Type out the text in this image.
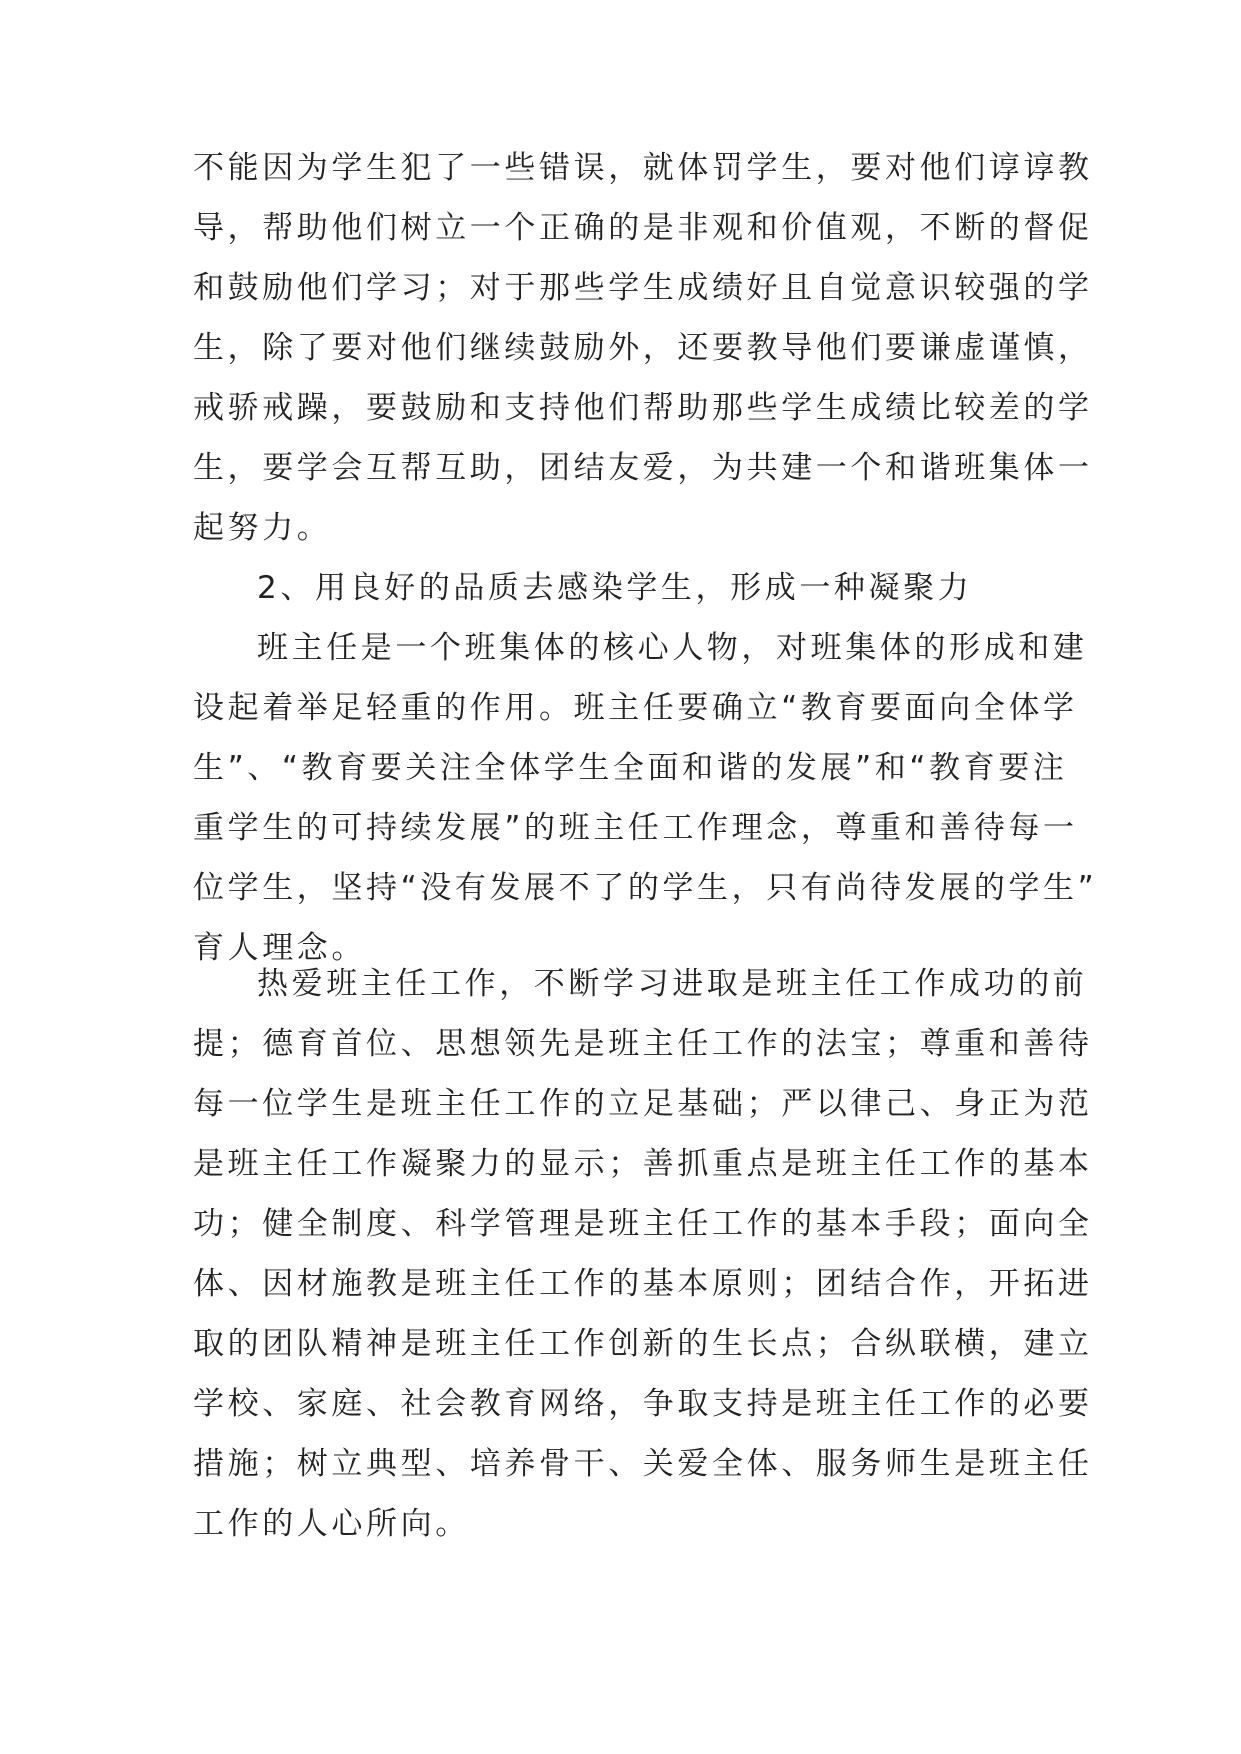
不能因为学生犯了一些错误，就体罚学生，要对他们谆谆教
导，帮助他们树立一个正确的是非观和价值观，不断的督促
和鼓励他们学习；对于那些学生成绩好且自觉意识较强的学
生，除了要对他们继续鼓励外，还要教导他们要谦虚谨慎，
戒骄戒躁，要鼓励和支持他们帮助那些学生成绩比较差的学
生，要学会互帮互助，团结友爱，为共建一个和谐班集体一
起努力。
2、用良好的品质去感染学生，形成一种凝聚力
班主任是一个班集体的核心人物，对班集体的形成和建
设起着举足轻重的作用。班主任要确立“教育要面向全体学
生”、“教育要关注全体学生全面和谐的发展”和“教育要注
重学生的可持续发展”的班主任工作理念，尊重和善待每一
位学生，坚持“没有发展不了的学生，只有尚待发展的学生”
育人理念。
热爱班主任工作，不断学习进取是班主任工作成功的前
提；德育首位、思想领先是班主任工作的法宝；尊重和善待
每一位学生是班主任工作的立足基础；严以律己、身正为范
是班主任工作凝聚力的显示；善抓重点是班主任工作的基本
功；健全制度、科学管理是班主任工作的基本手段；面向全
体、因材施教是班主任工作的基本原则；团结合作，开拓进
取的团队精神是班主任工作创新的生长点；合纵联横，建立
学校、家庭、社会教育网络，争取支持是班主任工作的必要
措施；树立典型、培养骨干、关爱全体、服务师生是班主任
工作的人心所向。
